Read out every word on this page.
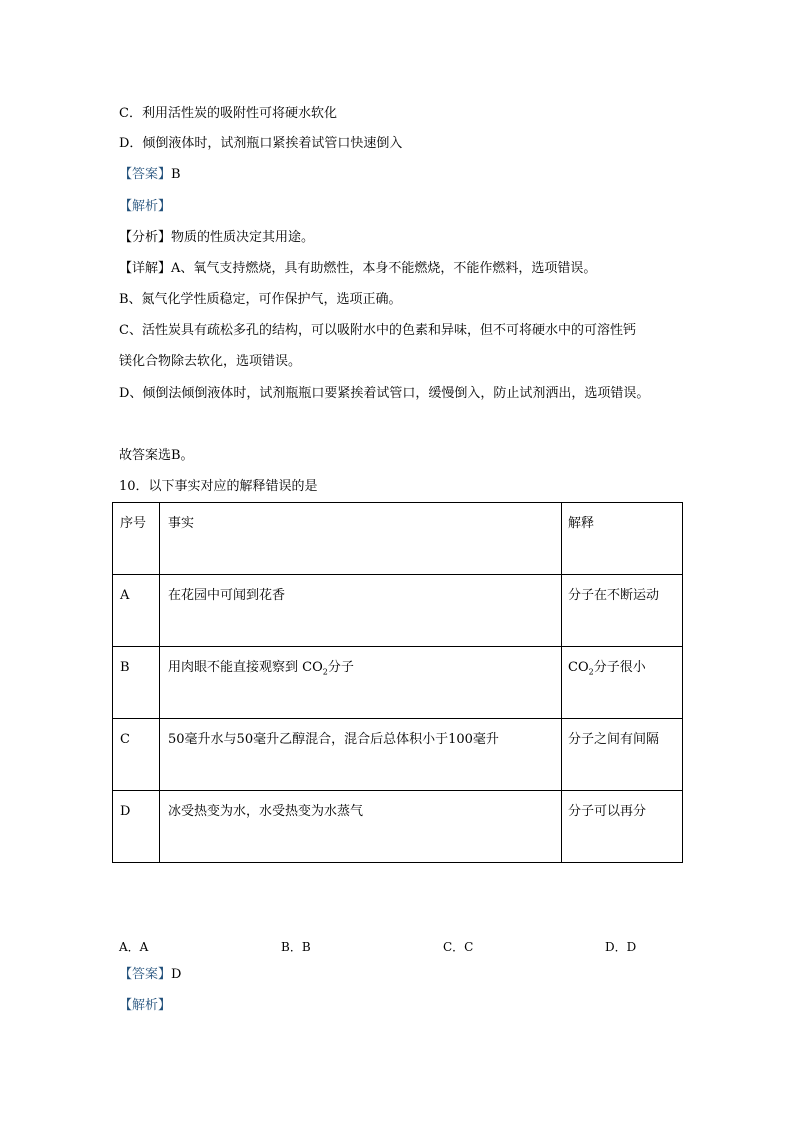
C．利用活性炭的吸附性可将硬水软化
D．倾倒液体时，试剂瓶口紧挨着试管口快速倒入
【答案】B
【解析】
【分析】物质的性质决定其用途。
【详解】A、氧气支持燃烧，具有助燃性，本身不能燃烧，不能作燃料，选项错误。
B、氮气化学性质稳定，可作保护气，选项正确。
C、活性炭具有疏松多孔的结构，可以吸附水中的色素和异味，但不可将硬水中的可溶性钙
镁化合物除去软化，选项错误。
D、倾倒法倾倒液体时，试剂瓶瓶口要紧挨着试管口，缓慢倒入，防止试剂洒出，选项错误。
故答案选B。
10．以下事实对应的解释错误的是
序号	事实	解释
A	在花园中可闻到花香	分子在不断运动
B	用肉眼不能直接观察到 $CO_2$分子	$CO_2$分子很小
C	50毫升水与50毫升乙醇混合，混合后总体积小于100毫升	分子之间有间隔
D	冰受热变为水，水受热变为水蒸气	分子可以再分
A．A	B．B	C．C	D．D
【答案】D
【解析】
